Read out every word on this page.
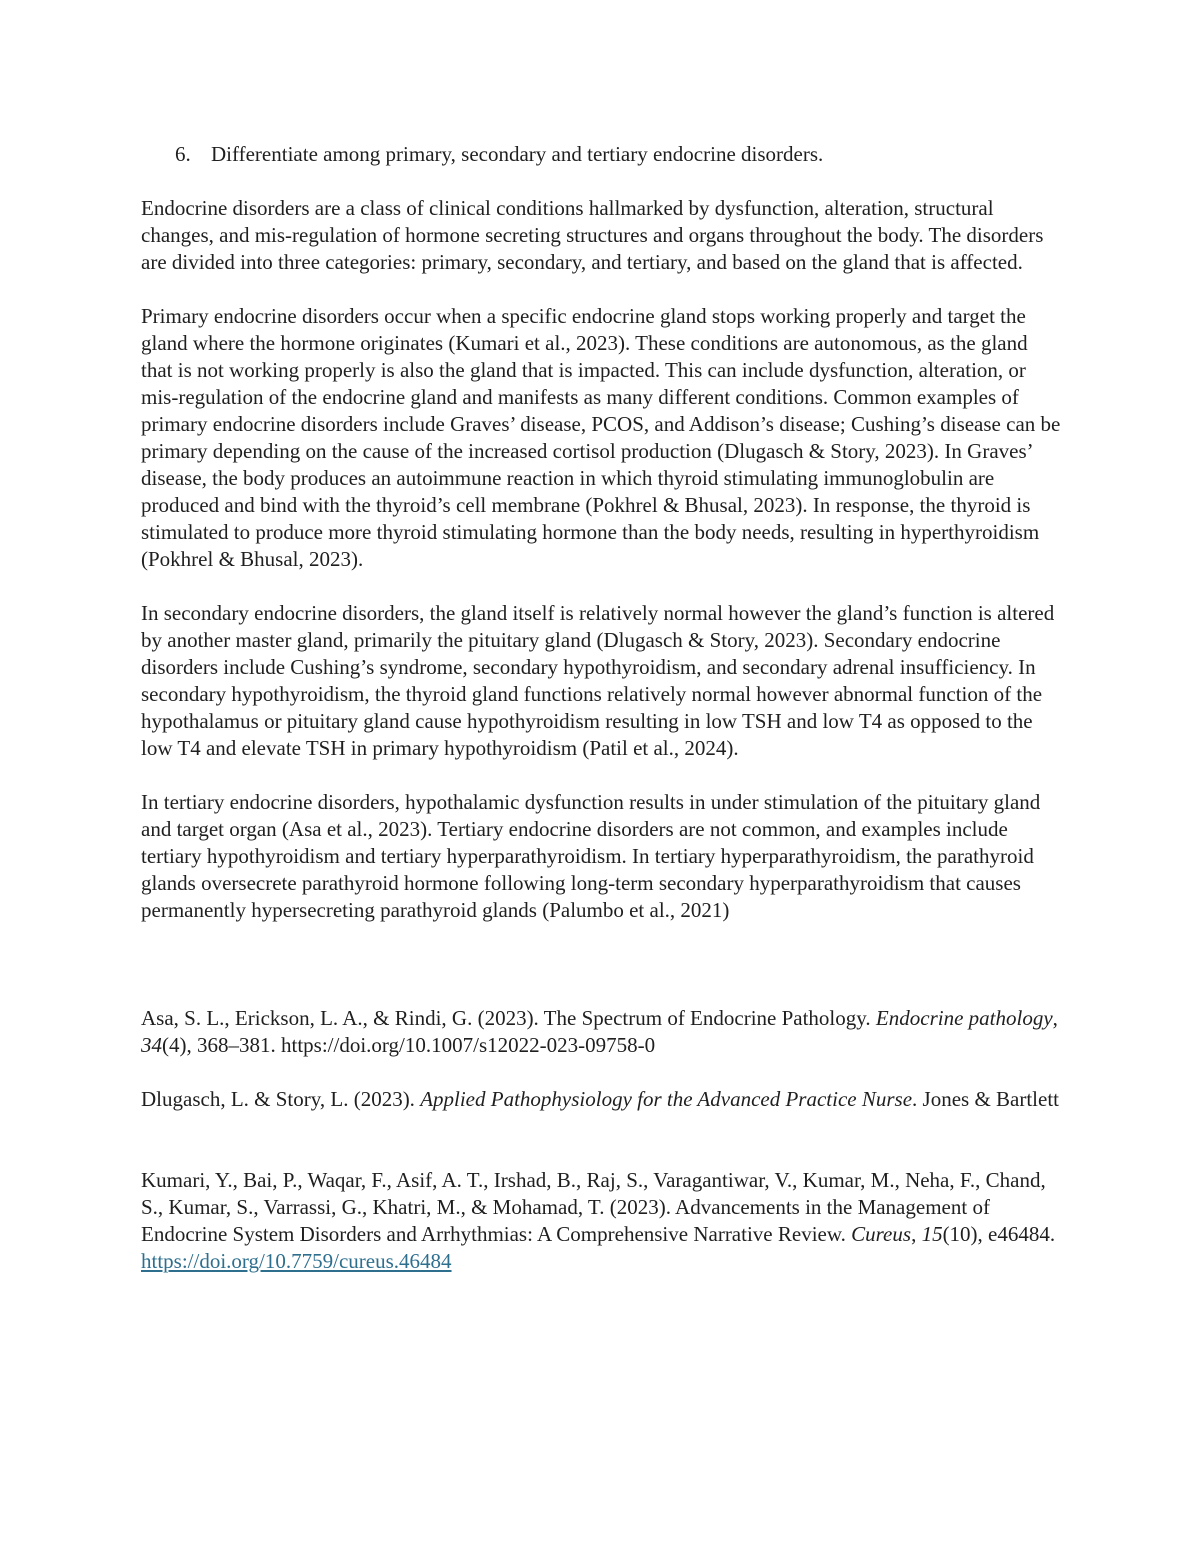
6. Differentiate among primary, secondary and tertiary endocrine disorders.

Endocrine disorders are a class of clinical conditions hallmarked by dysfunction, alteration, structural changes, and mis-regulation of hormone secreting structures and organs throughout the body. The disorders are divided into three categories: primary, secondary, and tertiary, and based on the gland that is affected.

Primary endocrine disorders occur when a specific endocrine gland stops working properly and target the gland where the hormone originates (Kumari et al., 2023). These conditions are autonomous, as the gland that is not working properly is also the gland that is impacted. This can include dysfunction, alteration, or mis-regulation of the endocrine gland and manifests as many different conditions. Common examples of primary endocrine disorders include Graves’ disease, PCOS, and Addison’s disease; Cushing’s disease can be primary depending on the cause of the increased cortisol production (Dlugasch & Story, 2023). In Graves’ disease, the body produces an autoimmune reaction in which thyroid stimulating immunoglobulin are produced and bind with the thyroid’s cell membrane (Pokhrel & Bhusal, 2023). In response, the thyroid is stimulated to produce more thyroid stimulating hormone than the body needs, resulting in hyperthyroidism (Pokhrel & Bhusal, 2023).

In secondary endocrine disorders, the gland itself is relatively normal however the gland’s function is altered by another master gland, primarily the pituitary gland (Dlugasch & Story, 2023). Secondary endocrine disorders include Cushing’s syndrome, secondary hypothyroidism, and secondary adrenal insufficiency. In secondary hypothyroidism, the thyroid gland functions relatively normal however abnormal function of the hypothalamus or pituitary gland cause hypothyroidism resulting in low TSH and low T4 as opposed to the low T4 and elevate TSH in primary hypothyroidism (Patil et al., 2024).

In tertiary endocrine disorders, hypothalamic dysfunction results in under stimulation of the pituitary gland and target organ (Asa et al., 2023). Tertiary endocrine disorders are not common, and examples include tertiary hypothyroidism and tertiary hyperparathyroidism. In tertiary hyperparathyroidism, the parathyroid glands oversecrete parathyroid hormone following long-term secondary hyperparathyroidism that causes permanently hypersecreting parathyroid glands (Palumbo et al., 2021)

Asa, S. L., Erickson, L. A., & Rindi, G. (2023). The Spectrum of Endocrine Pathology. Endocrine pathology, 34(4), 368–381. https://doi.org/10.1007/s12022-023-09758-0
Dlugasch, L. & Story, L. (2023). Applied Pathophysiology for the Advanced Practice Nurse. Jones & Bartlett
Kumari, Y., Bai, P., Waqar, F., Asif, A. T., Irshad, B., Raj, S., Varagantiwar, V., Kumar, M., Neha, F., Chand, S., Kumar, S., Varrassi, G., Khatri, M., & Mohamad, T. (2023). Advancements in the Management of Endocrine System Disorders and Arrhythmias: A Comprehensive Narrative Review. Cureus, 15(10), e46484. https://doi.org/10.7759/cureus.46484
